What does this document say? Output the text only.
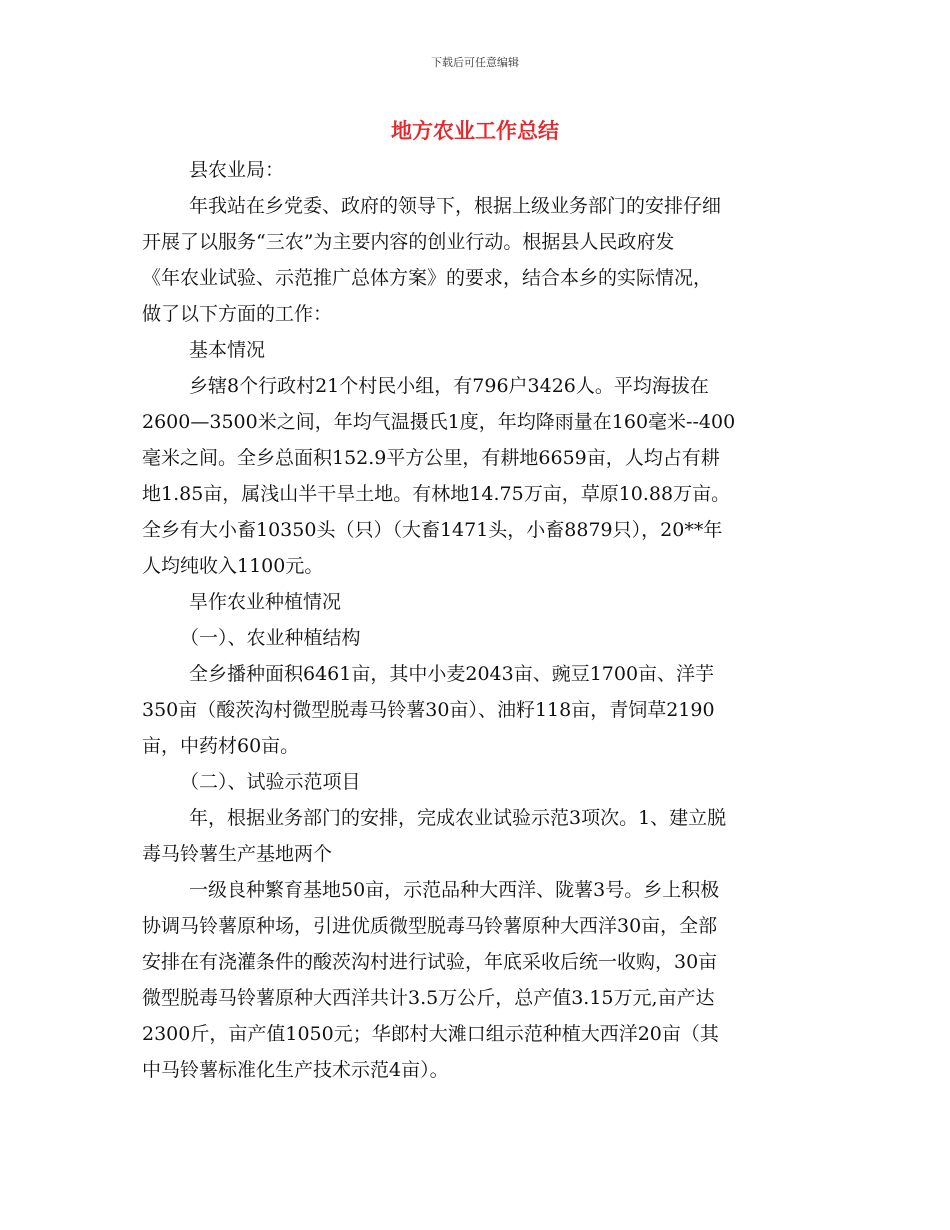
下载后可任意编辑
地方农业工作总结
县农业局：
年我站在乡党委、政府的领导下，根据上级业务部门的安排仔细
开展了以服务“三农”为主要内容的创业行动。根据县人民政府发
《年农业试验、示范推广总体方案》的要求，结合本乡的实际情况，
做了以下方面的工作：
基本情况
乡辖8个行政村21个村民小组，有796户3426人。平均海拔在
2600—3500米之间，年均气温摄氏1度，年均降雨量在160毫米--400
毫米之间。全乡总面积152.9平方公里，有耕地6659亩，人均占有耕
地1.85亩，属浅山半干旱土地。有林地14.75万亩，草原10.88万亩。
全乡有大小畜10350头（只）（大畜1471头，小畜8879只），20**年
人均纯收入1100元。
旱作农业种植情况
（一）、农业种植结构
全乡播种面积6461亩，其中小麦2043亩、豌豆1700亩、洋芋
350亩（酸茨沟村微型脱毒马铃薯30亩）、油籽118亩，青饲草2190
亩，中药材60亩。
（二）、试验示范项目
年，根据业务部门的安排，完成农业试验示范3项次。1、建立脱
毒马铃薯生产基地两个
一级良种繁育基地50亩，示范品种大西洋、陇薯3号。乡上积极
协调马铃薯原种场，引进优质微型脱毒马铃薯原种大西洋30亩，全部
安排在有浇灌条件的酸茨沟村进行试验，年底采收后统一收购，30亩
微型脱毒马铃薯原种大西洋共计3.5万公斤，总产值3.15万元,亩产达
2300斤，亩产值1050元；华郎村大滩口组示范种植大西洋20亩（其
中马铃薯标准化生产技术示范4亩）。
